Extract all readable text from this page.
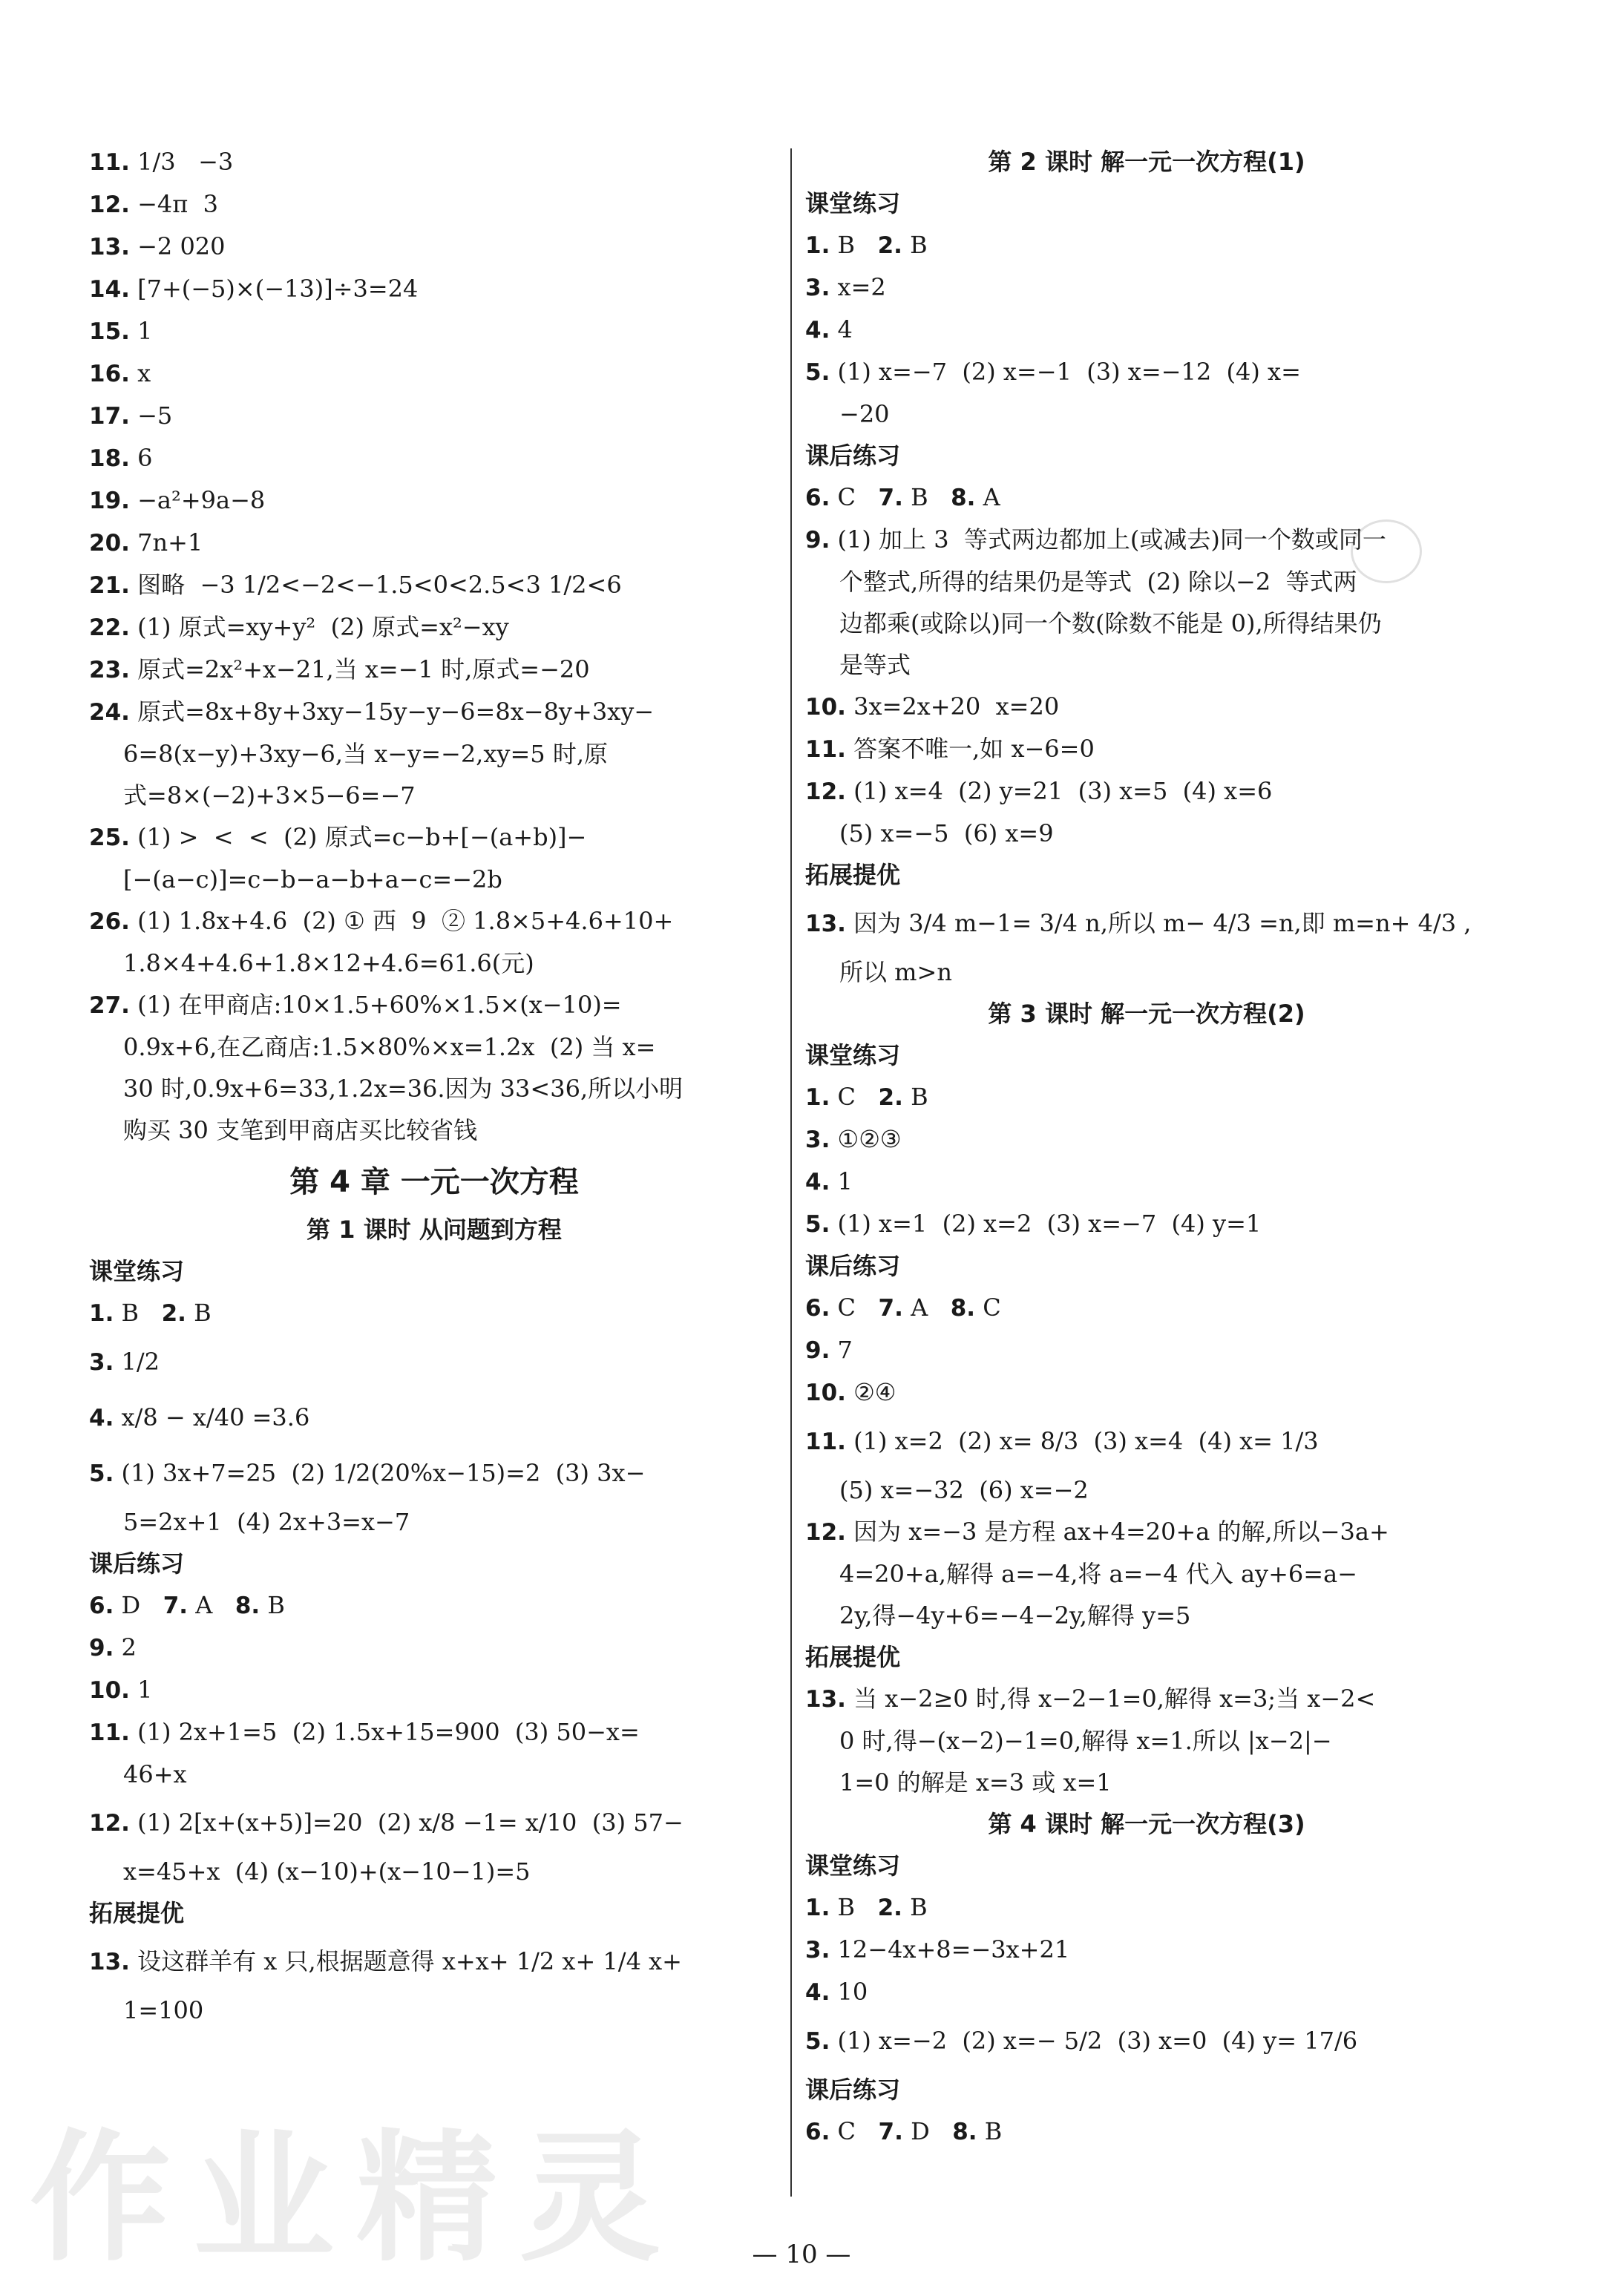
作业精灵
11. 1/3   −3
12. −4π  3
13. −2 020
14. [7+(−5)×(−13)]÷3=24
15. 1
16. x
17. −5
18. 6
19. −a²+9a−8
20. 7n+1
21. 图略  −3 1/2<−2<−1.5<0<2.5<3 1/2<6
22. (1) 原式=xy+y²  (2) 原式=x²−xy
23. 原式=2x²+x−21,当 x=−1 时,原式=−20
24. 原式=8x+8y+3xy−15y−y−6=8x−8y+3xy−
6=8(x−y)+3xy−6,当 x−y=−2,xy=5 时,原
式=8×(−2)+3×5−6=−7
25. (1) >  <  <  (2) 原式=c−b+[−(a+b)]−
[−(a−c)]=c−b−a−b+a−c=−2b
26. (1) 1.8x+4.6  (2) ① 西  9  ② 1.8×5+4.6+10+
1.8×4+4.6+1.8×12+4.6=61.6(元)
27. (1) 在甲商店:10×1.5+60%×1.5×(x−10)=
0.9x+6,在乙商店:1.5×80%×x=1.2x  (2) 当 x=
30 时,0.9x+6=33,1.2x=36.因为 33<36,所以小明
购买 30 支笔到甲商店买比较省钱
第 4 章 一元一次方程
第 1 课时 从问题到方程
课堂练习
1. B   2. B
3. 1/2
4. x/8 − x/40 =3.6
5. (1) 3x+7=25  (2) 1/2(20%x−15)=2  (3) 3x−
5=2x+1  (4) 2x+3=x−7
课后练习
6. D   7. A   8. B
9. 2
10. 1
11. (1) 2x+1=5  (2) 1.5x+15=900  (3) 50−x=
46+x
12. (1) 2[x+(x+5)]=20  (2) x/8 −1= x/10  (3) 57−
x=45+x  (4) (x−10)+(x−10−1)=5
拓展提优
13. 设这群羊有 x 只,根据题意得 x+x+ 1/2 x+ 1/4 x+
1=100
第 2 课时 解一元一次方程(1)
课堂练习
1. B   2. B
3. x=2
4. 4
5. (1) x=−7  (2) x=−1  (3) x=−12  (4) x=
−20
课后练习
6. C   7. B   8. A
9. (1) 加上 3  等式两边都加上(或减去)同一个数或同一
个整式,所得的结果仍是等式  (2) 除以−2  等式两
边都乘(或除以)同一个数(除数不能是 0),所得结果仍
是等式
10. 3x=2x+20  x=20
11. 答案不唯一,如 x−6=0
12. (1) x=4  (2) y=21  (3) x=5  (4) x=6
(5) x=−5  (6) x=9
拓展提优
13. 因为 3/4 m−1= 3/4 n,所以 m− 4/3 =n,即 m=n+ 4/3 ,
所以 m>n
第 3 课时 解一元一次方程(2)
课堂练习
1. C   2. B
3. ①②③
4. 1
5. (1) x=1  (2) x=2  (3) x=−7  (4) y=1
课后练习
6. C   7. A   8. C
9. 7
10. ②④
11. (1) x=2  (2) x= 8/3  (3) x=4  (4) x= 1/3
(5) x=−32  (6) x=−2
12. 因为 x=−3 是方程 ax+4=20+a 的解,所以−3a+
4=20+a,解得 a=−4,将 a=−4 代入 ay+6=a−
2y,得−4y+6=−4−2y,解得 y=5
拓展提优
13. 当 x−2≥0 时,得 x−2−1=0,解得 x=3;当 x−2<
0 时,得−(x−2)−1=0,解得 x=1.所以 |x−2|−
1=0 的解是 x=3 或 x=1
第 4 课时 解一元一次方程(3)
课堂练习
1. B   2. B
3. 12−4x+8=−3x+21
4. 10
5. (1) x=−2  (2) x=− 5/2  (3) x=0  (4) y= 17/6
课后练习
6. C   7. D   8. B
— 10 —
